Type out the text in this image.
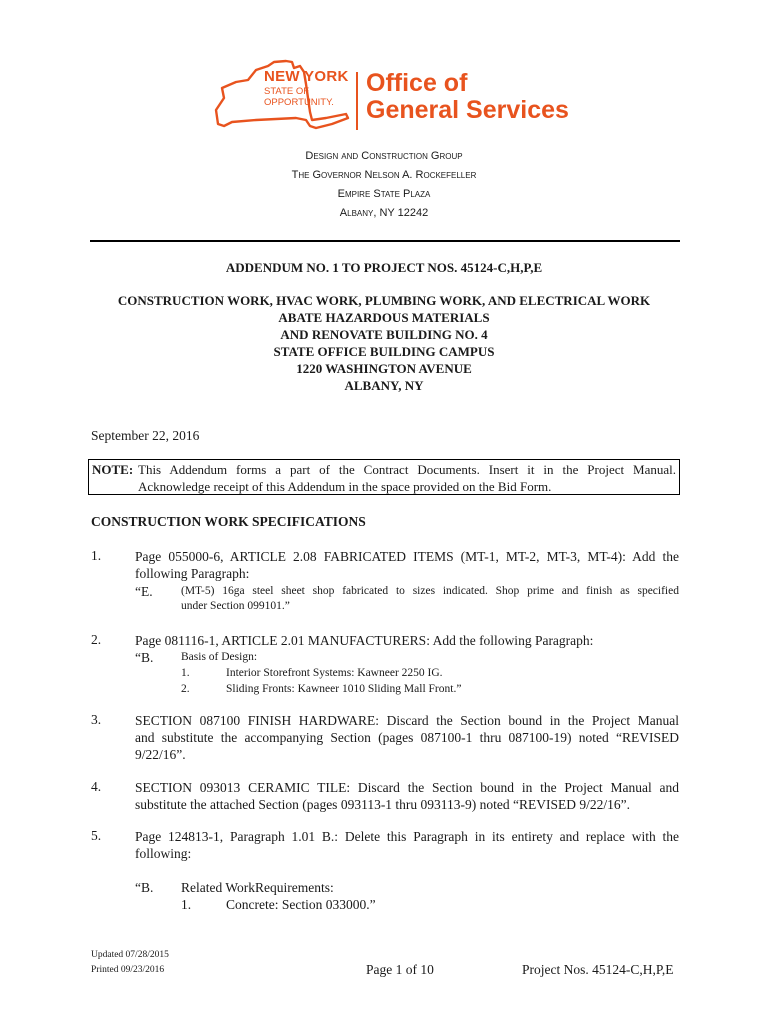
NEW YORK
STATE OF
OPPORTUNITY.
Office of
General Services
Design and Construction Group
The Governor Nelson A. Rockefeller
Empire State Plaza
Albany, NY 12242
ADDENDUM NO. 1 TO PROJECT NOS. 45124-C,H,P,E
CONSTRUCTION WORK, HVAC WORK, PLUMBING WORK, AND ELECTRICAL WORK
ABATE HAZARDOUS MATERIALS
AND RENOVATE BUILDING NO. 4
STATE OFFICE BUILDING CAMPUS
1220 WASHINGTON AVENUE
ALBANY, NY
September 22, 2016
NOTE: This Addendum forms a part of the Contract Documents. Insert it in the Project Manual.
Acknowledge receipt of this Addendum in the space provided on the Bid Form.
CONSTRUCTION WORK SPECIFICATIONS
1.	Page 055000-6, ARTICLE 2.08 FABRICATED ITEMS (MT-1, MT-2, MT-3, MT-4): Add the
following Paragraph:
“E. (MT-5) 16ga steel sheet shop fabricated to sizes indicated. Shop prime and finish as specified
under Section 099101.”
2.	Page 081116-1, ARTICLE 2.01 MANUFACTURERS: Add the following Paragraph:
“B. Basis of Design:
1.	Interior Storefront Systems: Kawneer 2250 IG.
2.	Sliding Fronts: Kawneer 1010 Sliding Mall Front.”
3.	SECTION 087100 FINISH HARDWARE: Discard the Section bound in the Project Manual
and substitute the accompanying Section (pages 087100-1 thru 087100-19) noted “REVISED
9/22/16”.
4.	SECTION 093013 CERAMIC TILE: Discard the Section bound in the Project Manual and
substitute the attached Section (pages 093113-1 thru 093113-9) noted “REVISED 9/22/16”.
5.	Page 124813-1, Paragraph 1.01 B.: Delete this Paragraph in its entirety and replace with the
following:
“B. Related WorkRequirements:
1.	Concrete: Section 033000.”
Updated 07/28/2015
Printed 09/23/2016	Page 1 of 10	Project Nos. 45124-C,H,P,E
